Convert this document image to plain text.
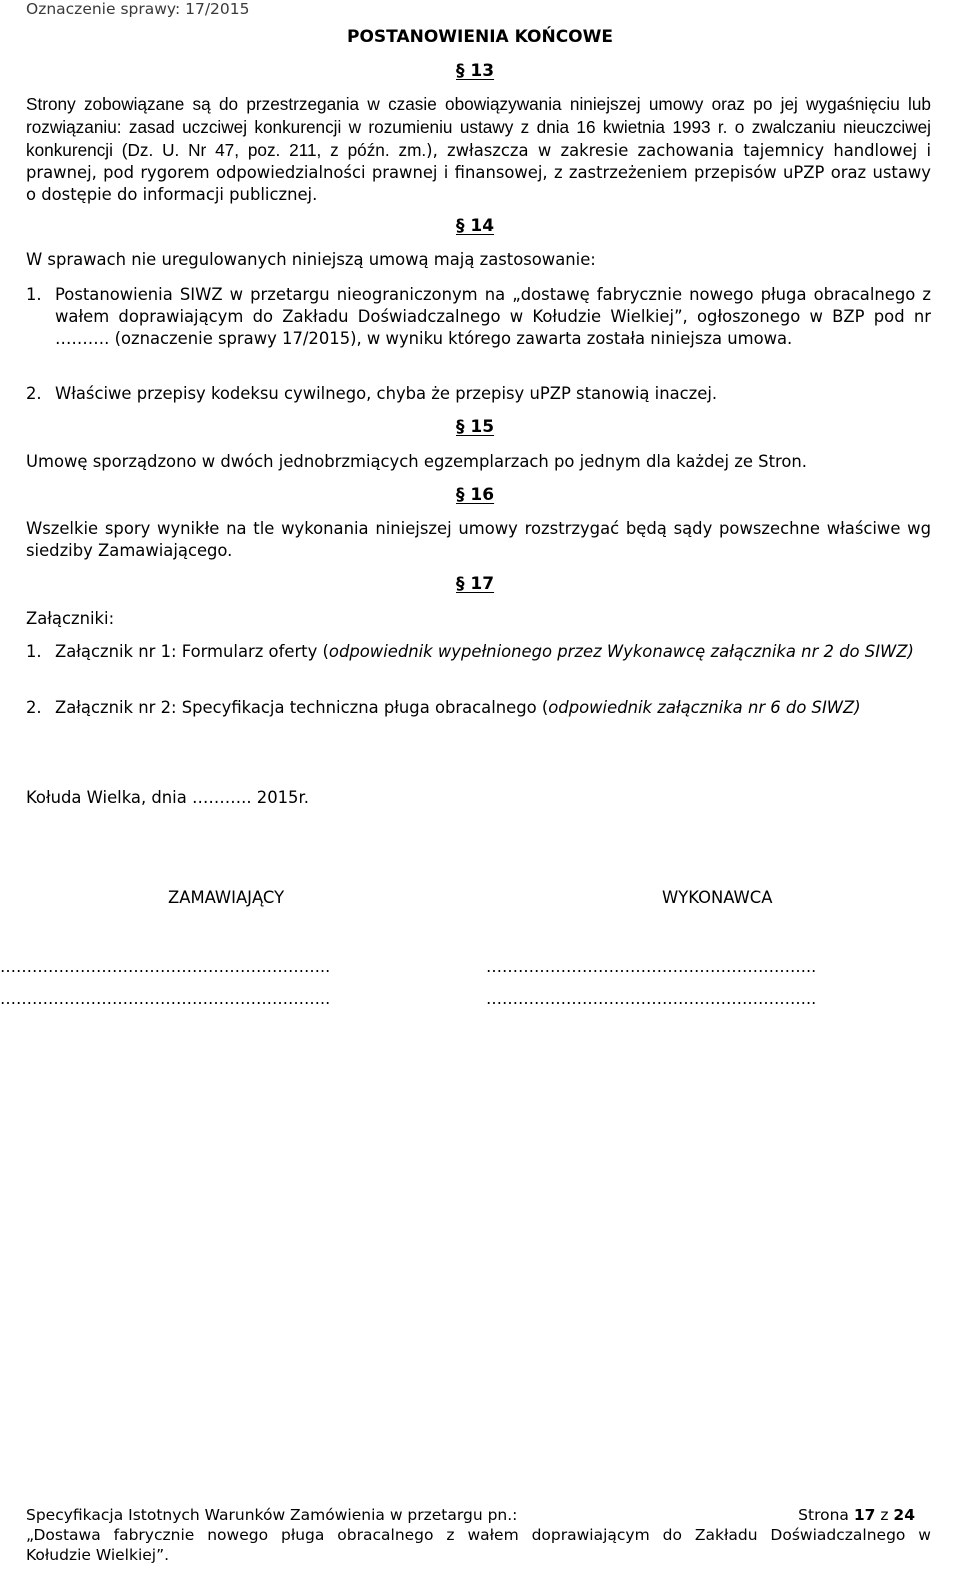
Oznaczenie sprawy: 17/2015
POSTANOWIENIA KOŃCOWE
§ 13
Strony zobowiązane są do przestrzegania w czasie obowiązywania niniejszej umowy oraz po jej wygaśnięciu lub rozwiązaniu: zasad uczciwej konkurencji w rozumieniu ustawy z dnia 16 kwietnia 1993 r. o zwalczaniu nieuczciwej konkurencji (Dz. U. Nr 47, poz. 211, z późn. zm.), zwłaszcza w zakresie zachowania tajemnicy handlowej i prawnej, pod rygorem odpowiedzialności prawnej i finansowej, z zastrzeżeniem przepisów uPZP oraz ustawy o dostępie do informacji publicznej.
§ 14
W sprawach nie uregulowanych niniejszą umową mają zastosowanie:
1. Postanowienia SIWZ w przetargu nieograniczonym na „dostawę fabrycznie nowego pługa obracalnego z wałem doprawiającym do Zakładu Doświadczalnego w Kołudzie Wielkiej”, ogłoszonego w BZP pod nr ………. (oznaczenie sprawy 17/2015), w wyniku którego zawarta została niniejsza umowa.
2. Właściwe przepisy kodeksu cywilnego, chyba że przepisy uPZP stanowią inaczej.
§ 15
Umowę sporządzono w dwóch jednobrzmiących egzemplarzach po jednym dla każdej ze Stron.
§ 16
Wszelkie spory wynikłe na tle wykonania niniejszej umowy rozstrzygać będą sądy powszechne właściwe wg siedziby Zamawiającego.
§ 17
Załączniki:
1. Załącznik nr 1: Formularz oferty (odpowiednik wypełnionego przez Wykonawcę załącznika nr 2 do SIWZ)
2. Załącznik nr 2: Specyfikacja techniczna pługa obracalnego (odpowiednik załącznika nr 6 do SIWZ)
Kołuda Wielka, dnia ……….. 2015r.
ZAMAWIAJĄCY	WYKONAWCA
……………………………………………………..	……………………………………………………..
……………………………………………………..	……………………………………………………..
Specyfikacja Istotnych Warunków Zamówienia w przetargu pn.:	Strona 17 z 24
„Dostawa fabrycznie nowego pługa obracalnego z wałem doprawiającym do Zakładu Doświadczalnego w
Kołudzie Wielkiej”.
